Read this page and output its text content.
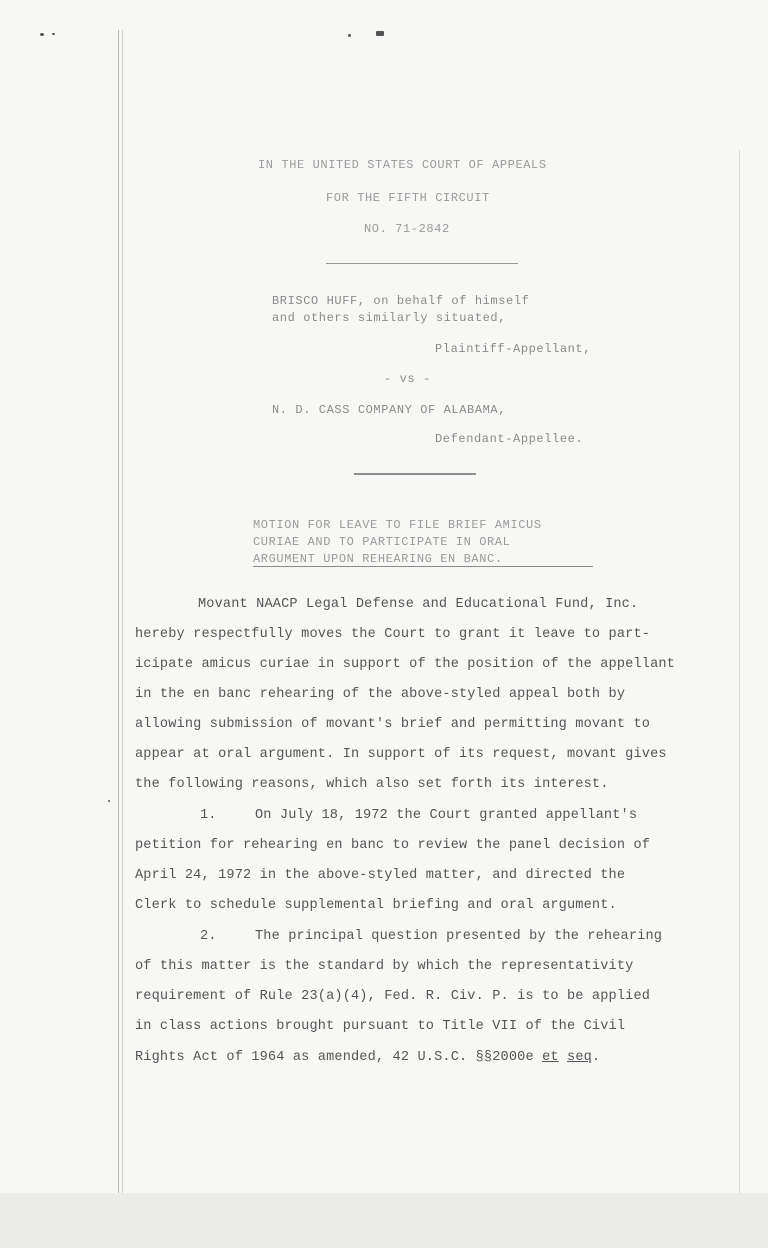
IN THE UNITED STATES COURT OF APPEALS
FOR THE FIFTH CIRCUIT
NO. 71-2842
BRISCO HUFF, on behalf of himself
and others similarly situated,
Plaintiff-Appellant,
- vs -
N. D. CASS COMPANY OF ALABAMA,
Defendant-Appellee.
MOTION FOR LEAVE TO FILE BRIEF AMICUS
CURIAE AND TO PARTICIPATE IN ORAL
ARGUMENT UPON REHEARING EN BANC.
Movant NAACP Legal Defense and Educational Fund, Inc.
hereby respectfully moves the Court to grant it leave to part-
icipate amicus curiae in support of the position of the appellant
in the en banc rehearing of the above-styled appeal both by
allowing submission of movant's brief and permitting movant to
appear at oral argument. In support of its request, movant gives
the following reasons, which also set forth its interest.
1.	On July 18, 1972 the Court granted appellant's
petition for rehearing en banc to review the panel decision of
April 24, 1972 in the above-styled matter, and directed the
Clerk to schedule supplemental briefing and oral argument.
2.	The principal question presented by the rehearing
of this matter is the standard by which the representativity
requirement of Rule 23(a)(4), Fed. R. Civ. P. is to be applied
in class actions brought pursuant to Title VII of the Civil
Rights Act of 1964 as amended, 42 U.S.C. §§2000e et seq.
